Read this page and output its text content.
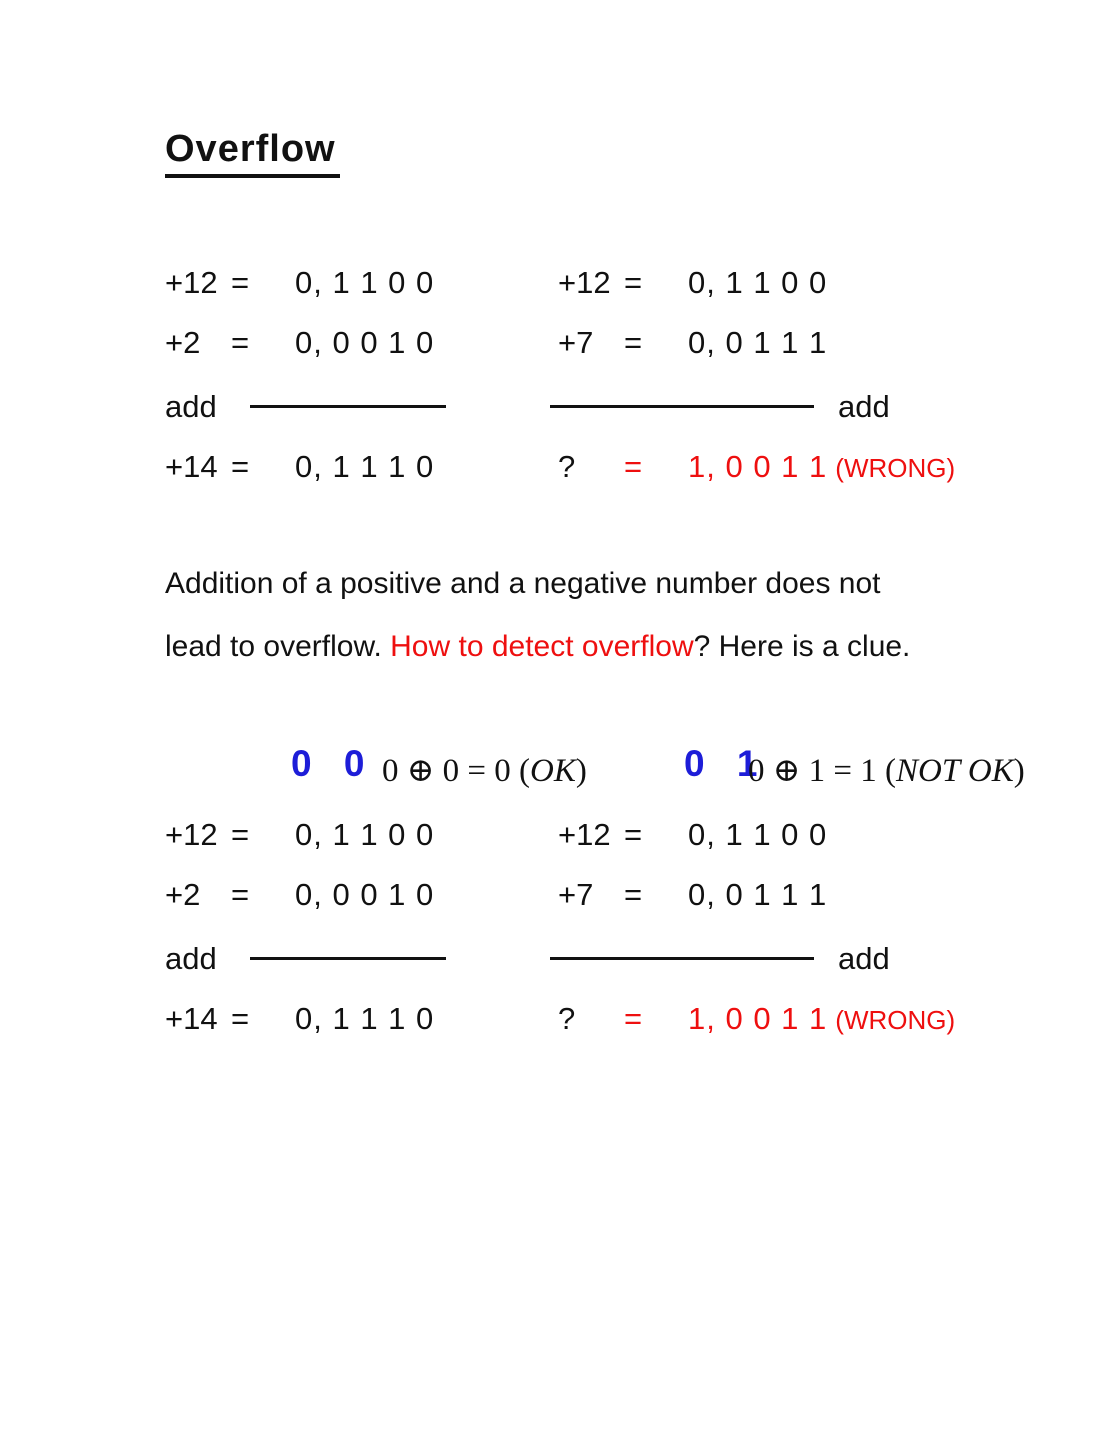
Overflow
+12 = 0, 1 1 0 0
+2 = 0, 0 0 1 0
add
+14 = 0, 1 1 1 0
+12 = 0, 1 1 0 0
+7 = 0, 0 1 1 1
add
? = 1, 0 0 1 1 (WRONG)

Addition of a positive and a negative number does not
lead to overflow. How to detect overflow? Here is a clue.

0 0 0 ⊕ 0 = 0 (OK)	0 1
0 ⊕ 1 = 1 (NOT OK)
+12 = 0, 1 1 0 0
+2 = 0, 0 0 1 0
add
+14 = 0, 1 1 1 0
+12 = 0, 1 1 0 0
+7 = 0, 0 1 1 1
add
? = 1, 0 0 1 1 (WRONG)
